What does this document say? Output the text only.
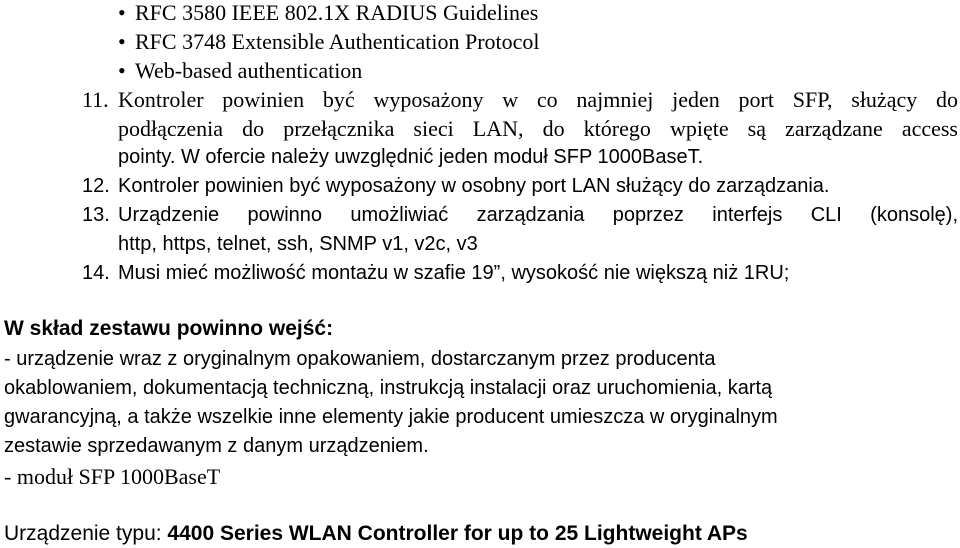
• RFC 3580 IEEE 802.1X RADIUS Guidelines
• RFC 3748 Extensible Authentication Protocol
• Web-based authentication
11. Kontroler powinien być wyposażony w co najmniej jeden port SFP, służący do
podłączenia do przełącznika sieci LAN, do którego wpięte są zarządzane access
pointy. W ofercie należy uwzględnić jeden moduł SFP 1000BaseT.
12. Kontroler powinien być wyposażony w osobny port LAN służący do zarządzania.
13. Urządzenie powinno umożliwiać zarządzania poprzez interfejs CLI (konsolę),
http, https, telnet, ssh, SNMP v1, v2c, v3
14. Musi mieć możliwość montażu w szafie 19”, wysokość nie większą niż 1RU;
W skład zestawu powinno wejść:
- urządzenie wraz z oryginalnym opakowaniem, dostarczanym przez producenta
okablowaniem, dokumentacją techniczną, instrukcją instalacji oraz uruchomienia, kartą
gwarancyjną, a także wszelkie inne elementy jakie producent umieszcza w oryginalnym
zestawie sprzedawanym z danym urządzeniem.
- moduł SFP 1000BaseT
Urządzenie typu: 4400 Series WLAN Controller for up to 25 Lightweight APs
